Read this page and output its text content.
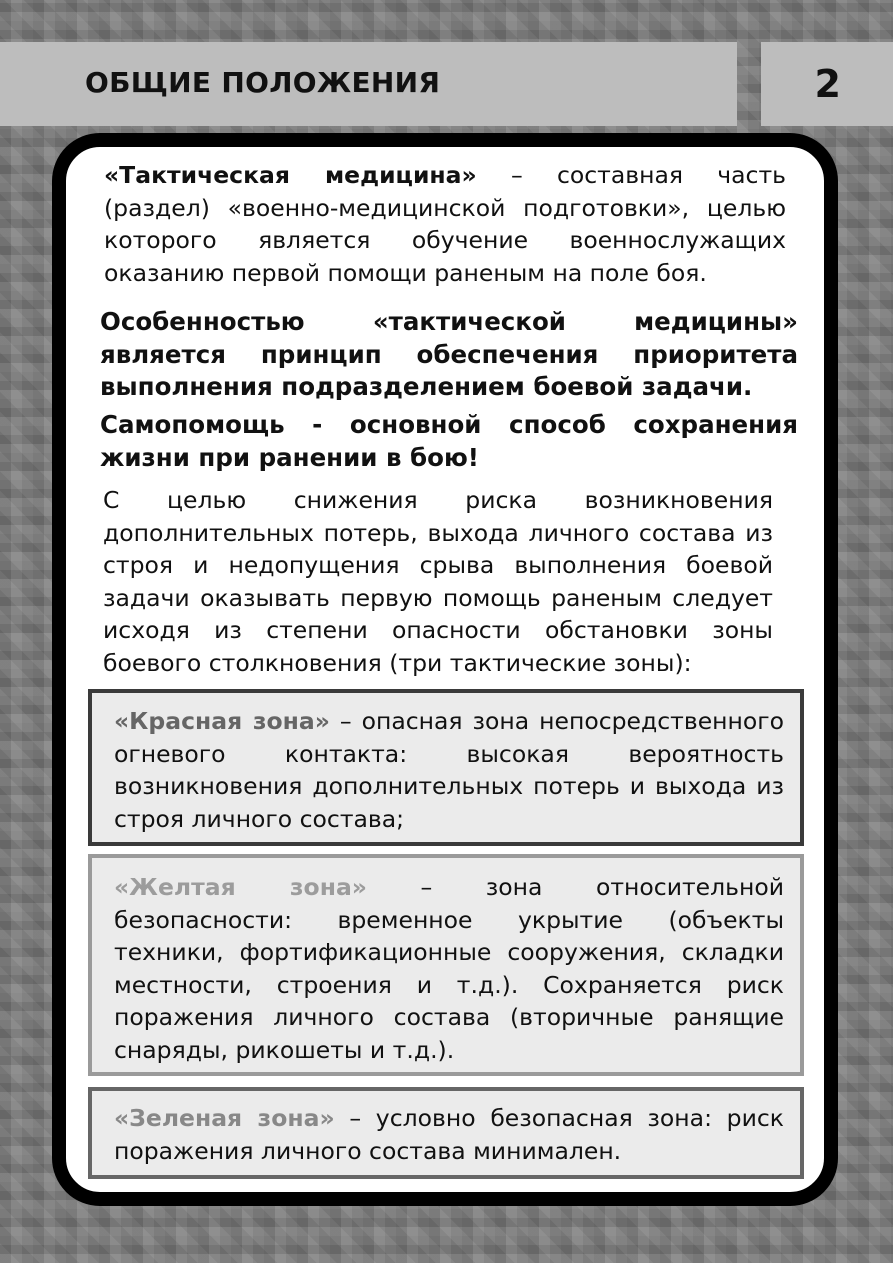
ОБЩИЕ ПОЛОЖЕНИЯ	2

«Тактическая медицина» – составная часть (раздел) «военно-медицинской подготовки», целью которого является обучение военнослужащих оказанию первой помощи раненым на поле боя.

Особенностью «тактической медицины» является принцип обеспечения приоритета выполнения подразделением боевой задачи.

Самопомощь - основной способ сохранения жизни при ранении в бою!

С целью снижения риска возникновения дополнительных потерь, выхода личного состава из строя и недопущения срыва выполнения боевой задачи оказывать первую помощь раненым следует исходя из степени опасности обстановки зоны боевого столкновения (три тактические зоны):

«Красная зона» – опасная зона непосредственного огневого контакта: высокая вероятность возникновения дополнительных потерь и выхода из строя личного состава;

«Желтая зона» – зона относительной безопасности: временное укрытие (объекты техники, фортификационные сооружения, складки местности, строения и т.д.). Сохраняется риск поражения личного состава (вторичные ранящие снаряды, рикошеты и т.д.).

«Зеленая зона» – условно безопасная зона: риск поражения личного состава минимален.
